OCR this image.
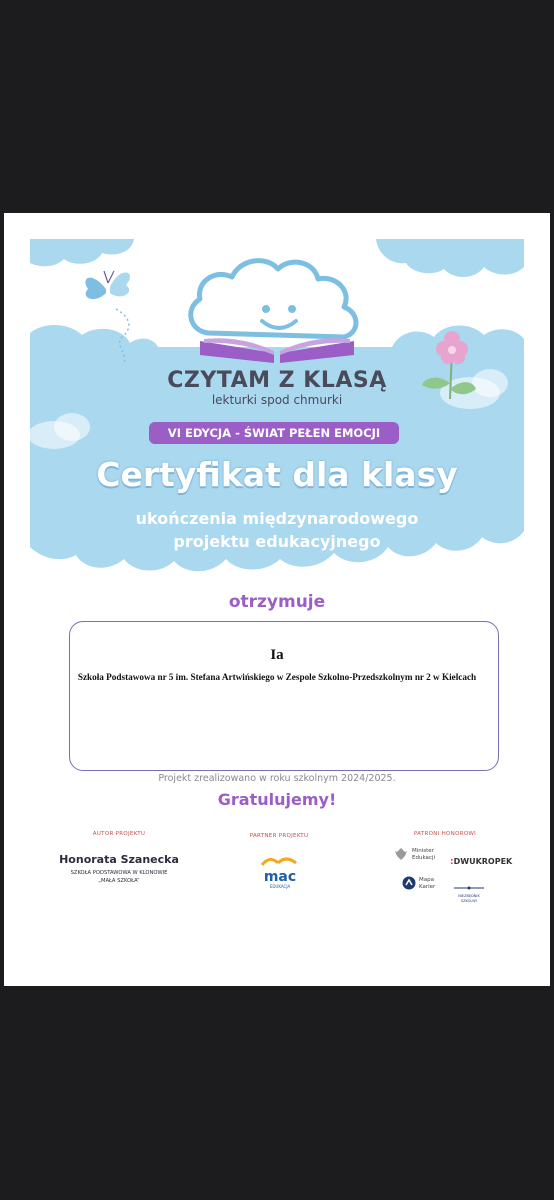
CZYTAM Z KLASĄ
lekturki spod chmurki
VI EDYCJA - ŚWIAT PEŁEN EMOCJI
Certyfikat dla klasy
ukończenia międzynarodowego
projektu edukacyjnego
otrzymuje
Ia
Szkoła Podstawowa nr 5 im. Stefana Artwińskiego w Zespole Szkolno-Przedszkolnym nr 2 w Kielcach
Projekt zrealizowano w roku szkolnym 2024/2025.
Gratulujemy!
AUTOR PROJEKTU
Honorata Szanecka
SZKOŁA PODSTAWOWA W KLONOWIE
„MAŁA SZKOŁA”
PARTNER PROJEKTU
mac
EDUKACJA
PATRONI HONOROWI
Minister
Edukacji :DWUKROPEK
Mapa
Karier
NIEZBĘDNIK
SZKOLNY
